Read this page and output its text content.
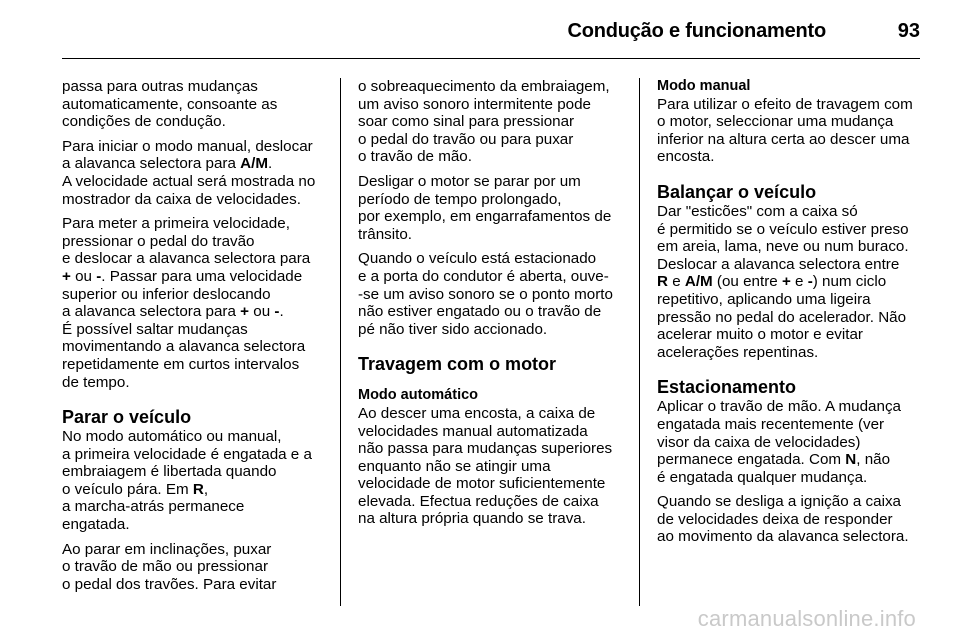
Condução e funcionamento	93

passa para outras mudanças
automaticamente, consoante as
condições de condução.

Para iniciar o modo manual, deslocar
a alavanca selectora para A/M.
A velocidade actual será mostrada no
mostrador da caixa de velocidades.

Para meter a primeira velocidade,
pressionar o pedal do travão
e deslocar a alavanca selectora para
+ ou -. Passar para uma velocidade
superior ou inferior deslocando
a alavanca selectora para + ou -.
É possível saltar mudanças
movimentando a alavanca selectora
repetidamente em curtos intervalos
de tempo.

Parar o veículo

No modo automático ou manual,
a primeira velocidade é engatada e a
embraiagem é libertada quando
o veículo pára. Em R,
a marcha-atrás permanece
engatada.

Ao parar em inclinações, puxar
o travão de mão ou pressionar
o pedal dos travões. Para evitar

o sobreaquecimento da embraiagem,
um aviso sonoro intermitente pode
soar como sinal para pressionar
o pedal do travão ou para puxar
o travão de mão.

Desligar o motor se parar por um
período de tempo prolongado,
por exemplo, em engarrafamentos de
trânsito.

Quando o veículo está estacionado
e a porta do condutor é aberta, ouve-
-se um aviso sonoro se o ponto morto
não estiver engatado ou o travão de
pé não tiver sido accionado.

Travagem com o motor
Modo automático

Ao descer uma encosta, a caixa de
velocidades manual automatizada
não passa para mudanças superiores
enquanto não se atingir uma
velocidade de motor suficientemente
elevada. Efectua reduções de caixa
na altura própria quando se trava.

Modo manual

Para utilizar o efeito de travagem com
o motor, seleccionar uma mudança
inferior na altura certa ao descer uma
encosta.

Balançar o veículo

Dar "esticões" com a caixa só
é permitido se o veículo estiver preso
em areia, lama, neve ou num buraco.
Deslocar a alavanca selectora entre
R e A/M (ou entre + e -) num ciclo
repetitivo, aplicando uma ligeira
pressão no pedal do acelerador. Não
acelerar muito o motor e evitar
acelerações repentinas.

Estacionamento

Aplicar o travão de mão. A mudança
engatada mais recentemente (ver
visor da caixa de velocidades)
permanece engatada. Com N, não
é engatada qualquer mudança.

Quando se desliga a ignição a caixa
de velocidades deixa de responder
ao movimento da alavanca selectora.

carmanualsonline.info
